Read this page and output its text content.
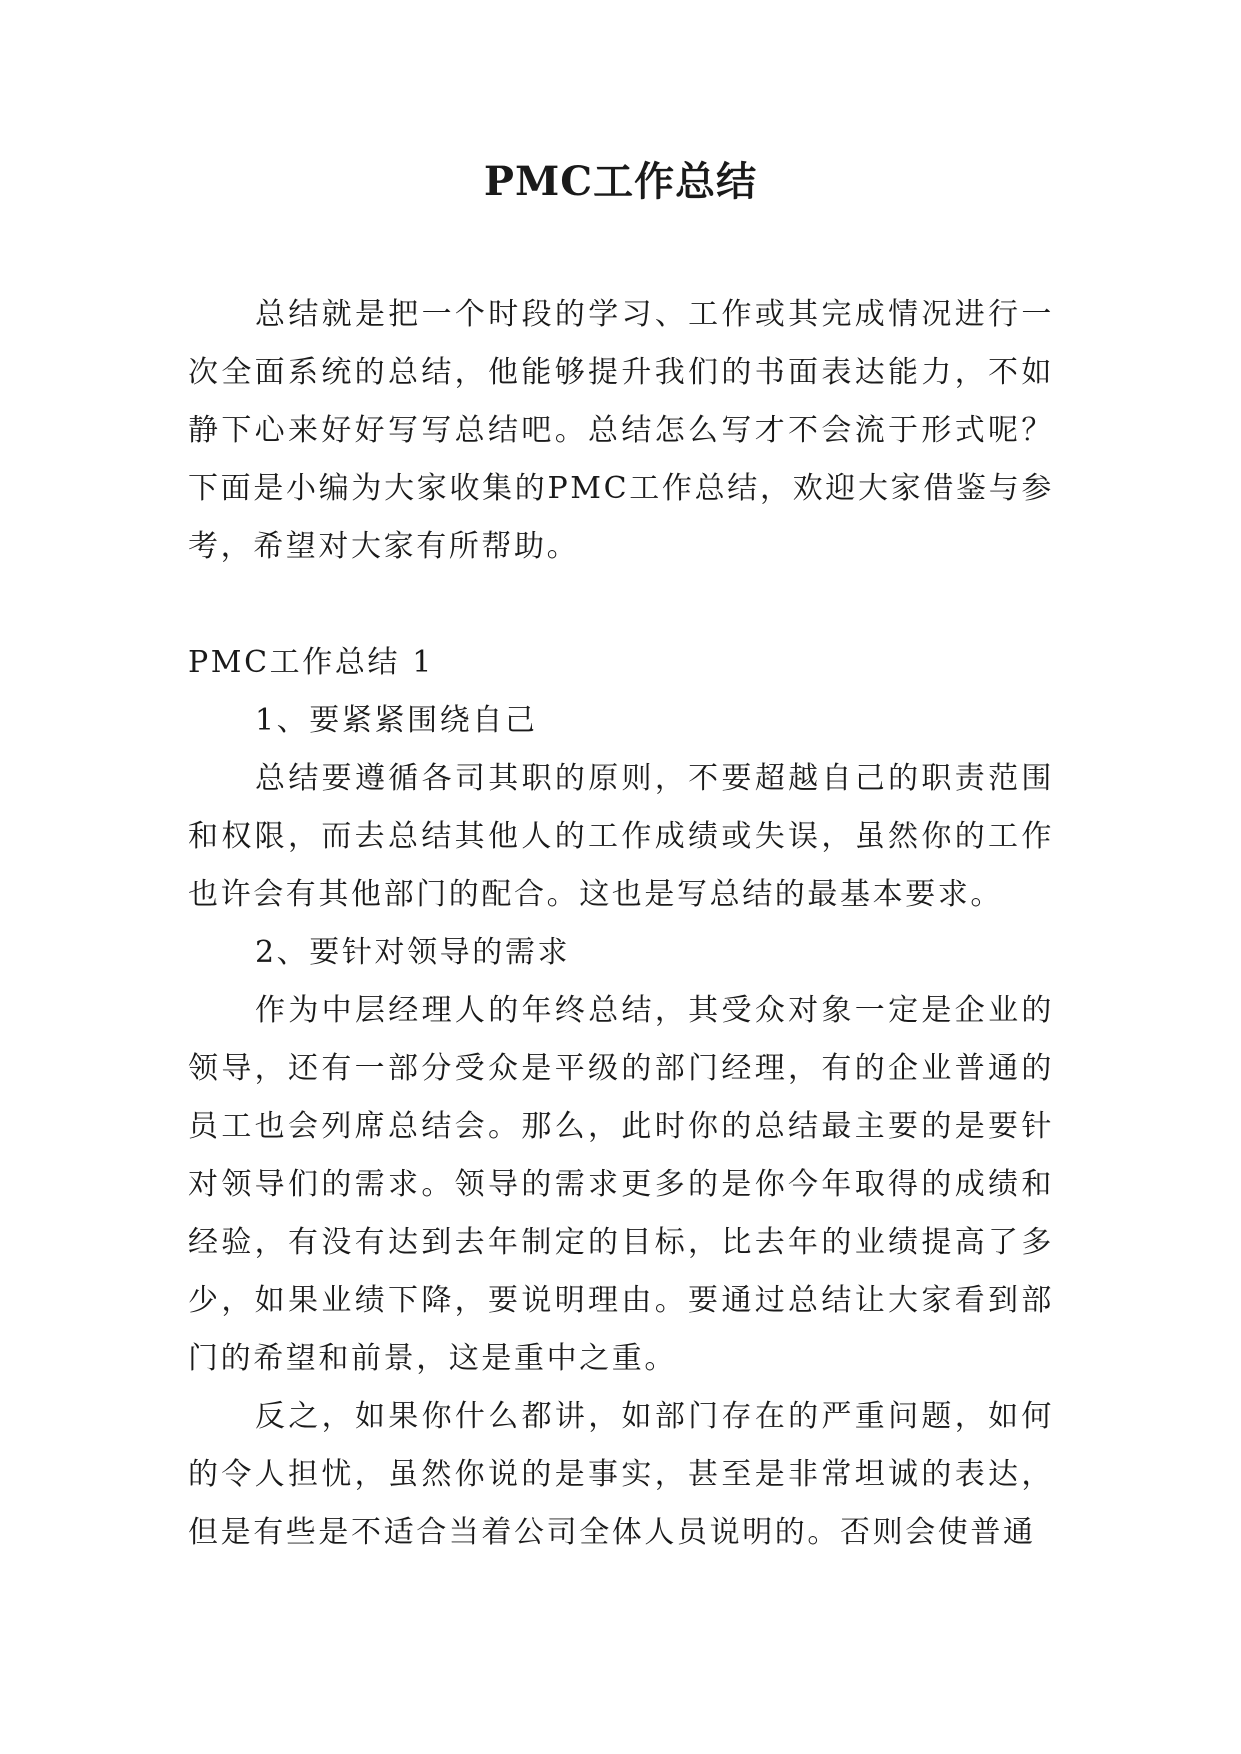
PMC工作总结

总结就是把一个时段的学习、工作或其完成情况进行一次全面系统的总结，他能够提升我们的书面表达能力，不如静下心来好好写写总结吧。总结怎么写才不会流于形式呢？下面是小编为大家收集的PMC工作总结，欢迎大家借鉴与参考，希望对大家有所帮助。

PMC工作总结 1

1、要紧紧围绕自己

总结要遵循各司其职的原则，不要超越自己的职责范围和权限，而去总结其他人的工作成绩或失误，虽然你的工作也许会有其他部门的配合。这也是写总结的最基本要求。

2、要针对领导的需求

作为中层经理人的年终总结，其受众对象一定是企业的领导，还有一部分受众是平级的部门经理，有的企业普通的员工也会列席总结会。那么，此时你的总结最主要的是要针对领导们的需求。领导的需求更多的是你今年取得的成绩和经验，有没有达到去年制定的目标，比去年的业绩提高了多少，如果业绩下降，要说明理由。要通过总结让大家看到部门的希望和前景，这是重中之重。

反之，如果你什么都讲，如部门存在的严重问题，如何的令人担忧，虽然你说的是事实，甚至是非常坦诚的表达，但是有些是不适合当着公司全体人员说明的。否则会使普通
